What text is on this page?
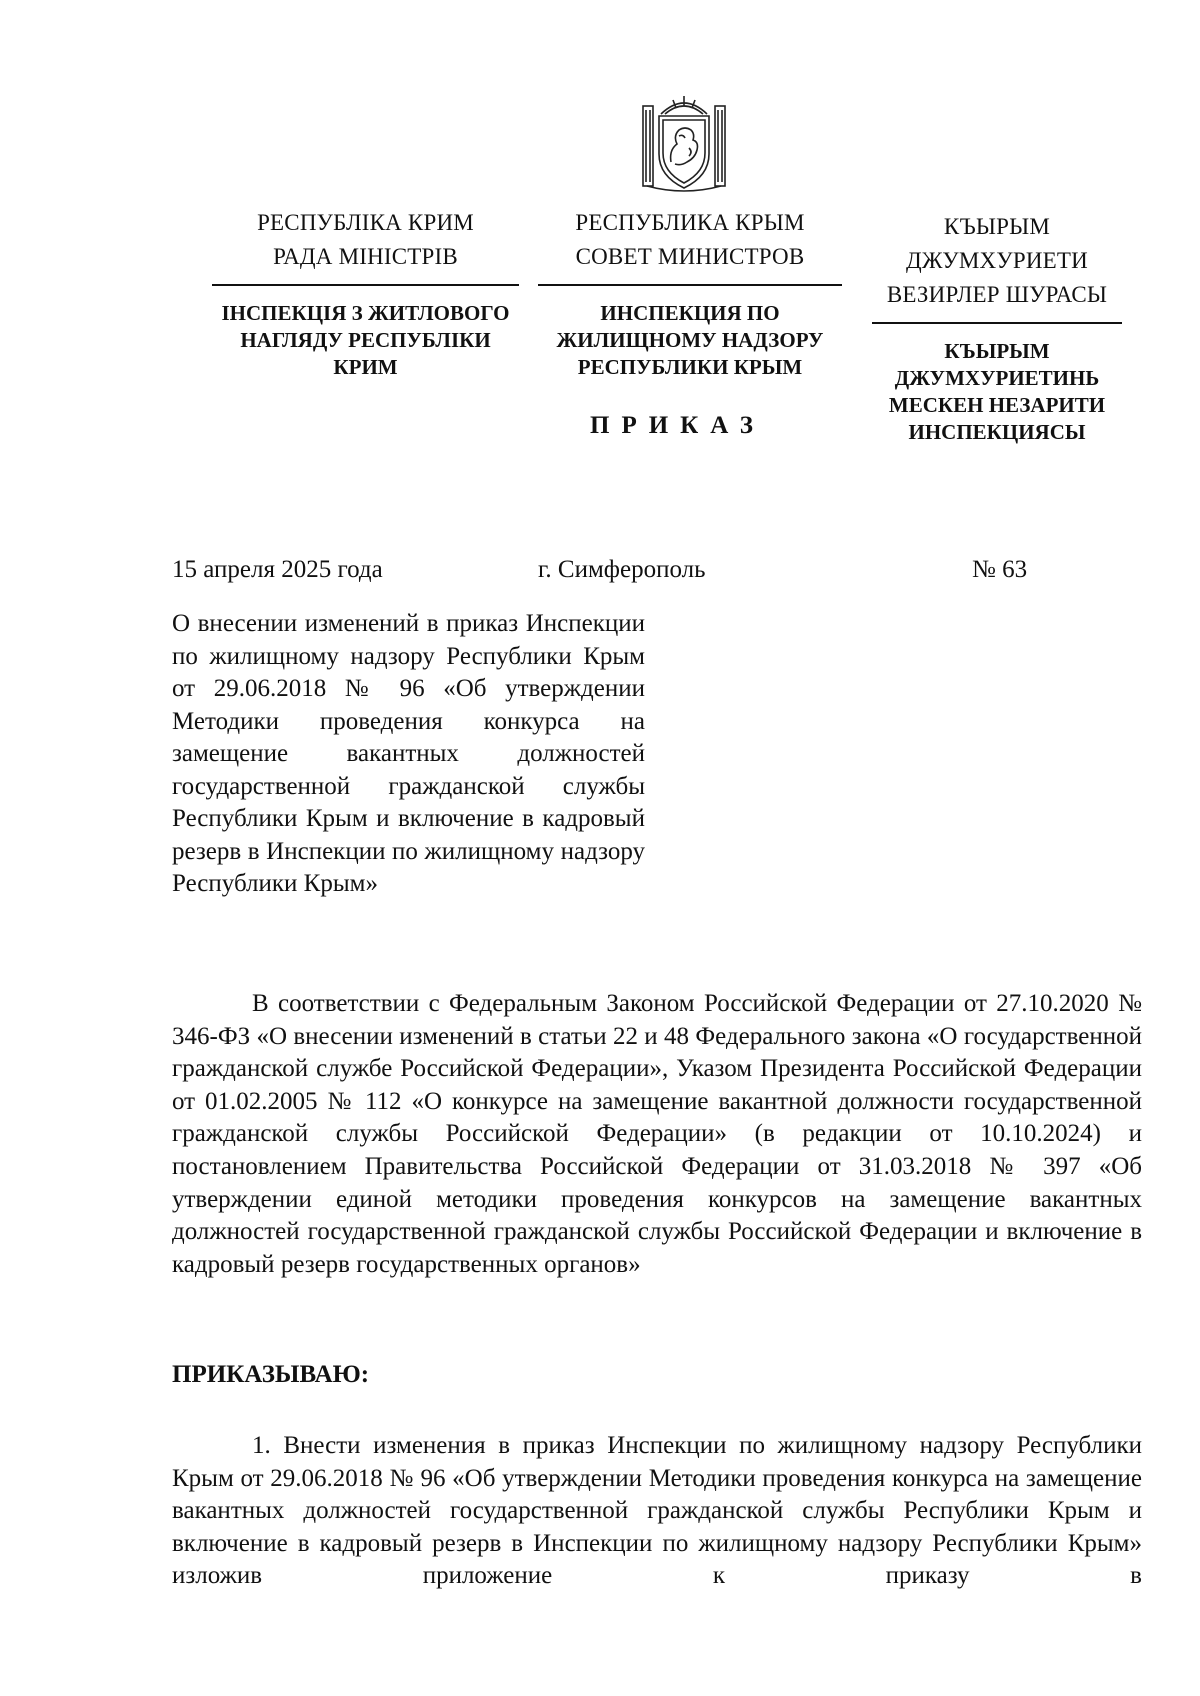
РЕСПУБЛІКА КРИМ
РАДА МІНІСТРІВ
ІНСПЕКЦІЯ З ЖИТЛОВОГО
НАГЛЯДУ РЕСПУБЛІКИ
КРИМ
РЕСПУБЛИКА КРЫМ
СОВЕТ МИНИСТРОВ
ИНСПЕКЦИЯ ПО
ЖИЛИЩНОМУ НАДЗОРУ
РЕСПУБЛИКИ КРЫМ
КЪЫРЫМ ДЖУМХУРИЕТИ
ВЕЗИРЛЕР ШУРАСЫ
КЪЫРЫМ
ДЖУМХУРИЕТИНЬ
МЕСКЕН НЕЗАРИТИ
ИНСПЕКЦИЯСЫ
ПРИКАЗ
15 апреля 2025 года	г. Симферополь	№ 63
О внесении изменений в приказ Инспекции по жилищному надзору Республики Крым от 29.06.2018 № 96 «Об утверждении Методики проведения конкурса на замещение вакантных должностей государственной гражданской службы Республики Крым и включение в кадровый резерв в Инспекции по жилищному надзору Республики Крым»
В соответствии с Федеральным Законом Российской Федерации от 27.10.2020 № 346-ФЗ «О внесении изменений в статьи 22 и 48 Федерального закона «О государственной гражданской службе Российской Федерации», Указом Президента Российской Федерации от 01.02.2005 № 112 «О конкурсе на замещение вакантной должности государственной гражданской службы Российской Федерации» (в редакции от 10.10.2024) и постановлением Правительства Российской Федерации от 31.03.2018 № 397 «Об утверждении единой методики проведения конкурсов на замещение вакантных должностей государственной гражданской службы Российской Федерации и включение в кадровый резерв государственных органов»
ПРИКАЗЫВАЮ:
1. Внести изменения в приказ Инспекции по жилищному надзору Республики Крым от 29.06.2018 № 96 «Об утверждении Методики проведения конкурса на замещение вакантных должностей государственной гражданской службы Республики Крым и включение в кадровый резерв в Инспекции по жилищному надзору Республики Крым» изложив приложение к приказу в
